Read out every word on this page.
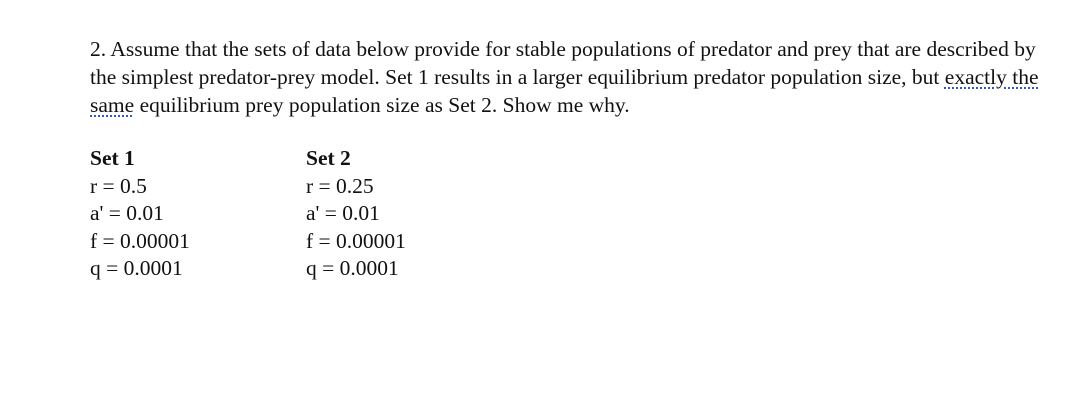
2. Assume that the sets of data below provide for stable populations of predator and prey that are described by the simplest predator-prey model. Set 1 results in a larger equilibrium predator population size, but exactly the same equilibrium prey population size as Set 2. Show me why.

Set 1
r = 0.5
a' = 0.01
f = 0.00001
q = 0.0001
Set 2
r = 0.25
a' = 0.01
f = 0.00001
q = 0.0001
